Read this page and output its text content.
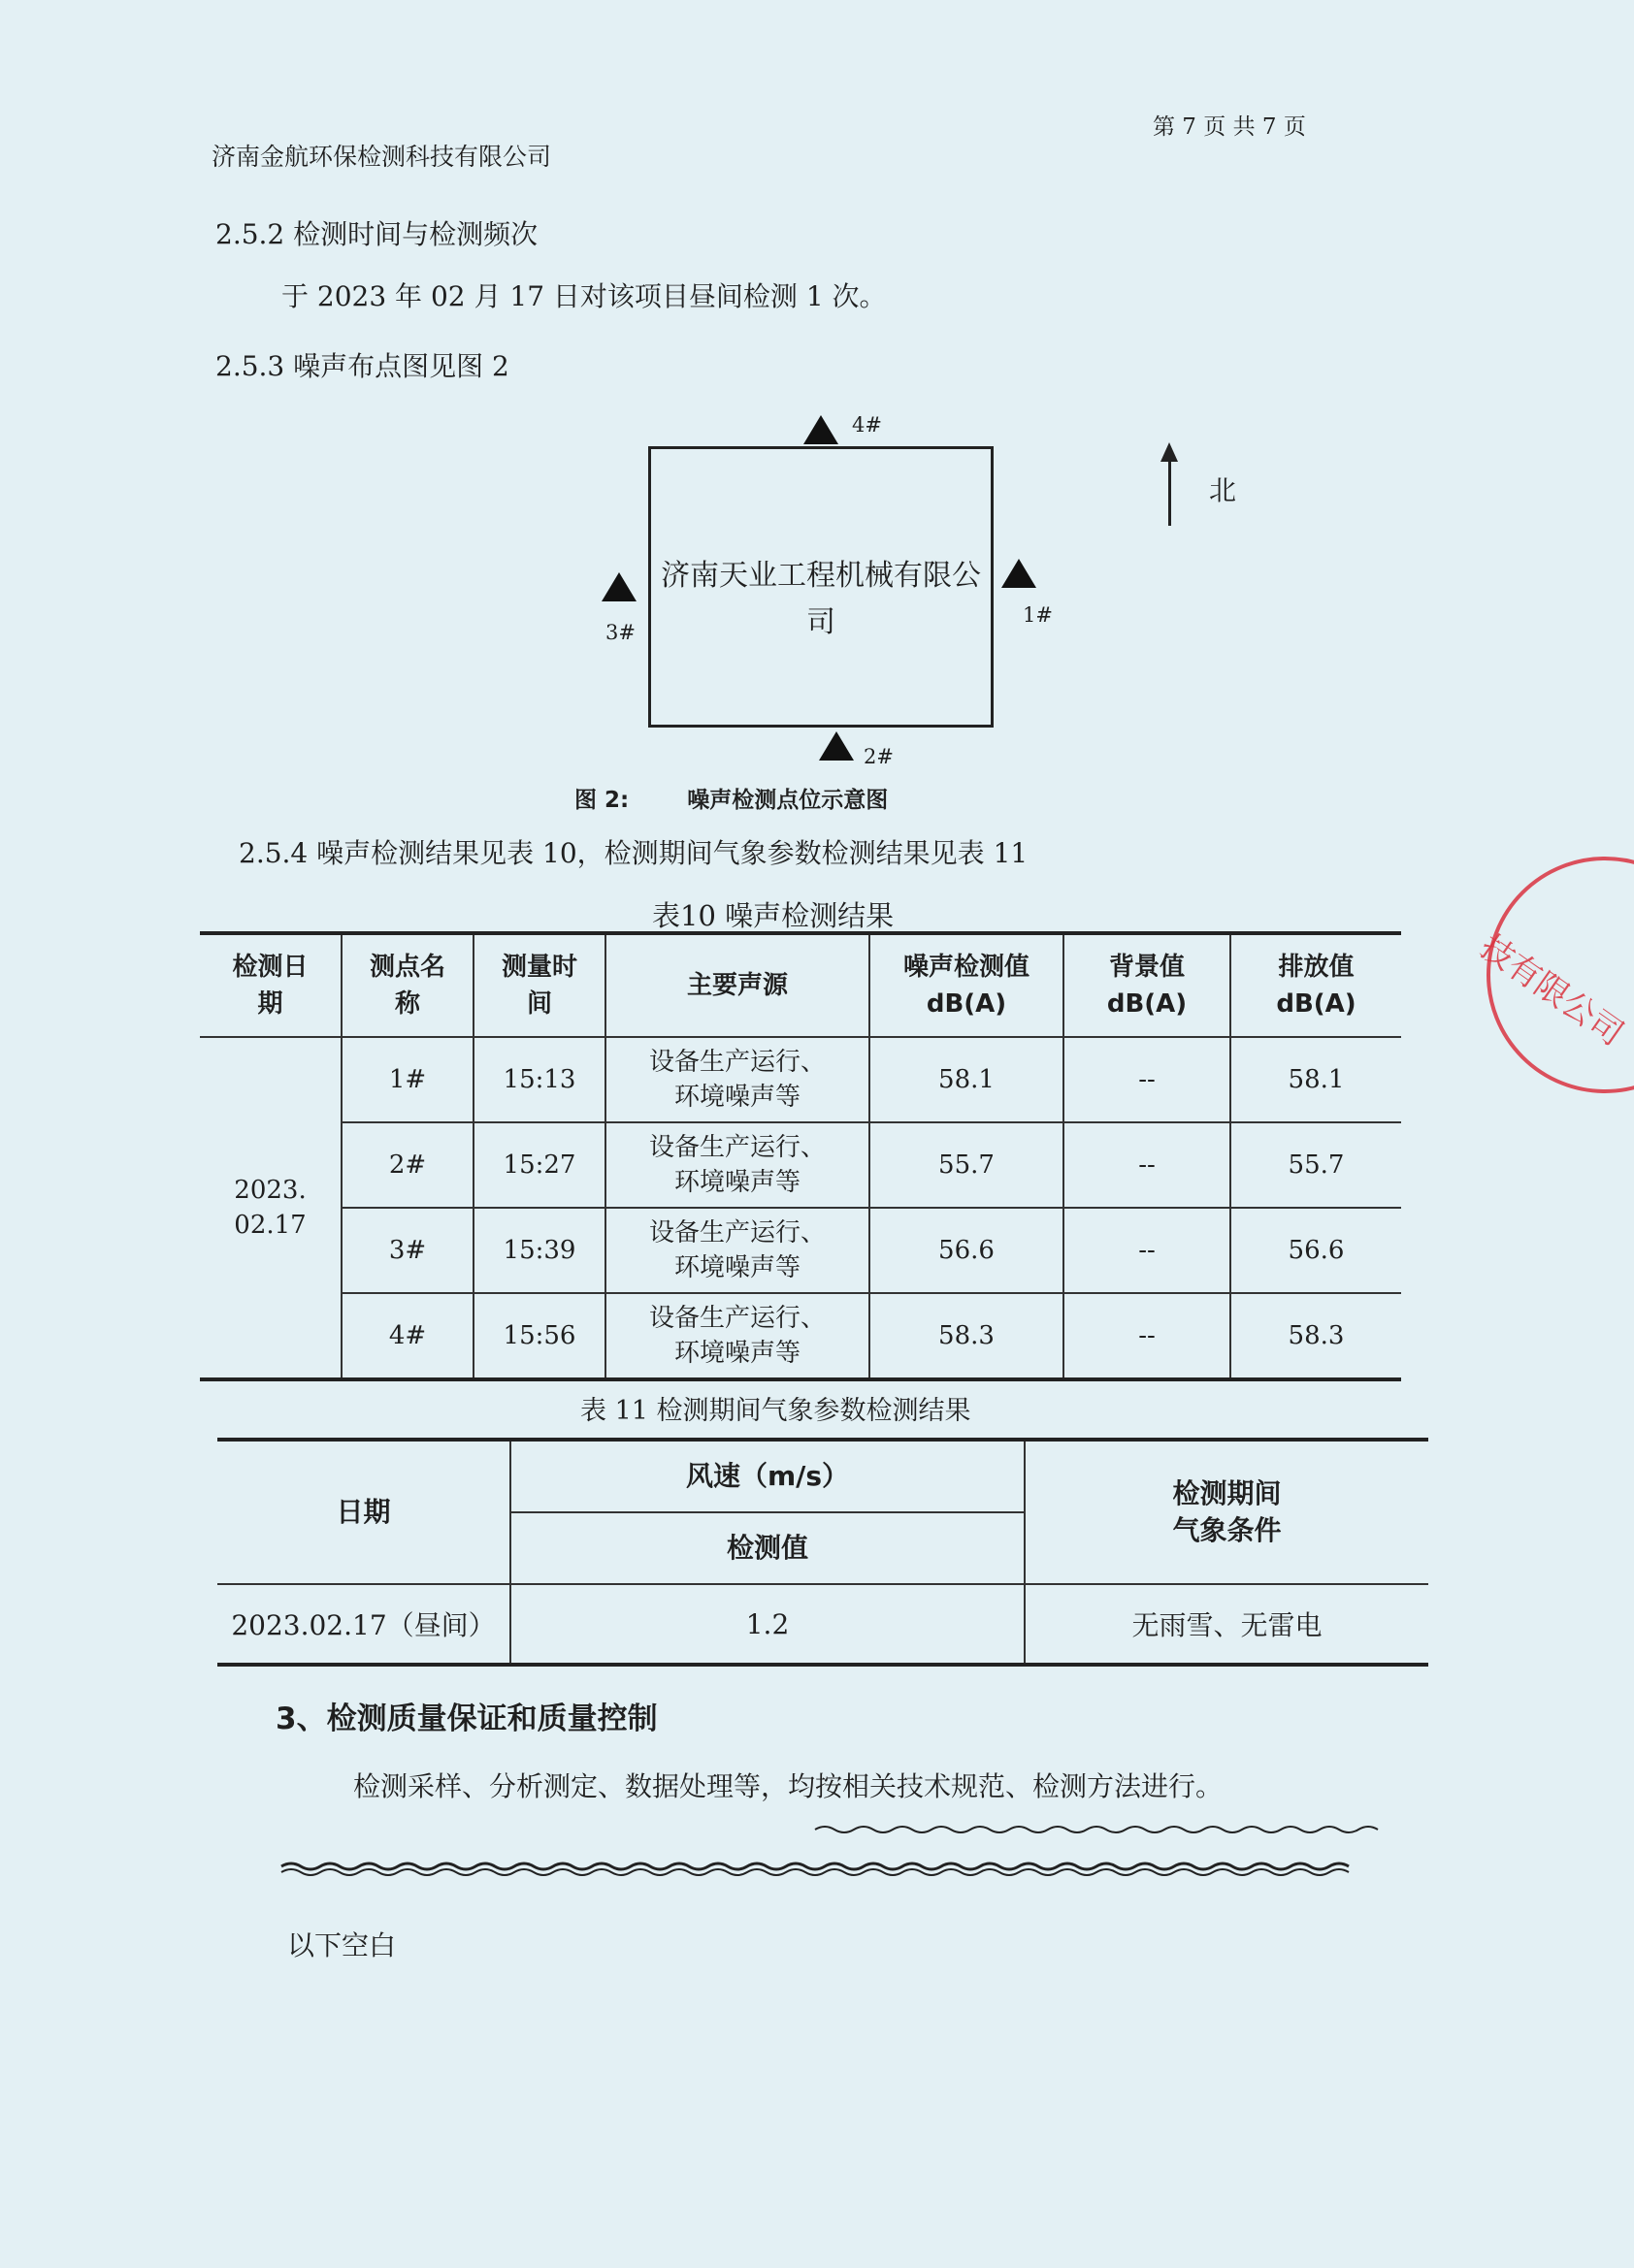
第 7 页 共 7 页
济南金航环保检测科技有限公司
2.5.2 检测时间与检测频次
于 2023 年 02 月 17 日对该项目昼间检测 1 次。
2.5.3 噪声布点图见图 2
4#
济南天业工程机械有限公司
3#
1#
2#
北
图 2:	噪声检测点位示意图
2.5.4 噪声检测结果见表 10，检测期间气象参数检测结果见表 11
表10 噪声检测结果
检测日期	测点名称	测量时间	主要声源	噪声检测值 dB(A)	背景值 dB(A)	排放值 dB(A)
2023.
02.17	1#	15:13	设备生产运行、环境噪声等	58.1	--	58.1
	2#	15:27	设备生产运行、环境噪声等	55.7	--	55.7
	3#	15:39	设备生产运行、环境噪声等	56.6	--	56.6
	4#	15:56	设备生产运行、环境噪声等	58.3	--	58.3
表 11 检测期间气象参数检测结果
日期	风速（m/s）	检测期间
气象条件
	检测值	
2023.02.17（昼间）	1.2	无雨雪、无雷电
3、检测质量保证和质量控制
检测采样、分析测定、数据处理等，均按相关技术规范、检测方法进行。
以下空白
技有限公司
